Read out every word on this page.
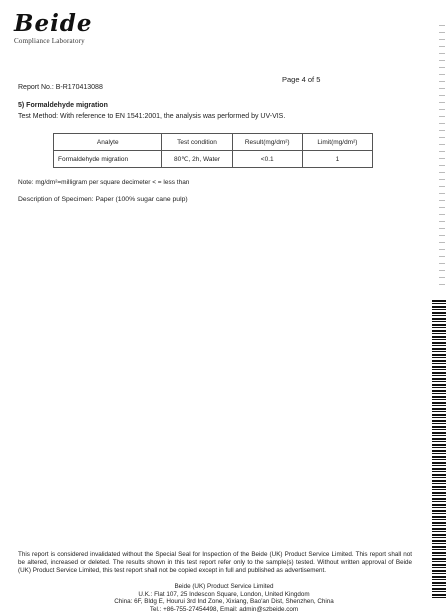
Beide
Compliance Laboratory
Page 4 of 5
Report No.: B-R170413088
5) Formaldehyde migration
Test Method: With reference to EN 1541:2001, the analysis was performed by UV-VIS.
Analyte	Test condition	Result(mg/dm²)	Limit(mg/dm²)
Formaldehyde migration	80℃, 2h, Water	<0.1	1
Note: mg/dm²=milligram per square decimeter < = less than
Description of Specimen: Paper (100% sugar cane pulp)
This report is considered invalidated without the Special Seal for Inspection of the Beide (UK) Product Service Limited. This report shall not be altered, increased or deleted. The results shown in this test report refer only to the sample(s) tested. Without written approval of Beide (UK) Product Service Limited, this test report shall not be copied except in full and published as advertisement.
Beide (UK) Product Service Limited
U.K.: Flat 107, 25 Indescon Square, London, United Kingdom
China: 6F, Bldg E, Hourui 3rd Ind Zone, Xixiang, Bao'an Dist, Shenzhen, China
Tel.: +86-755-27454498, Email: admin@szbeide.com
